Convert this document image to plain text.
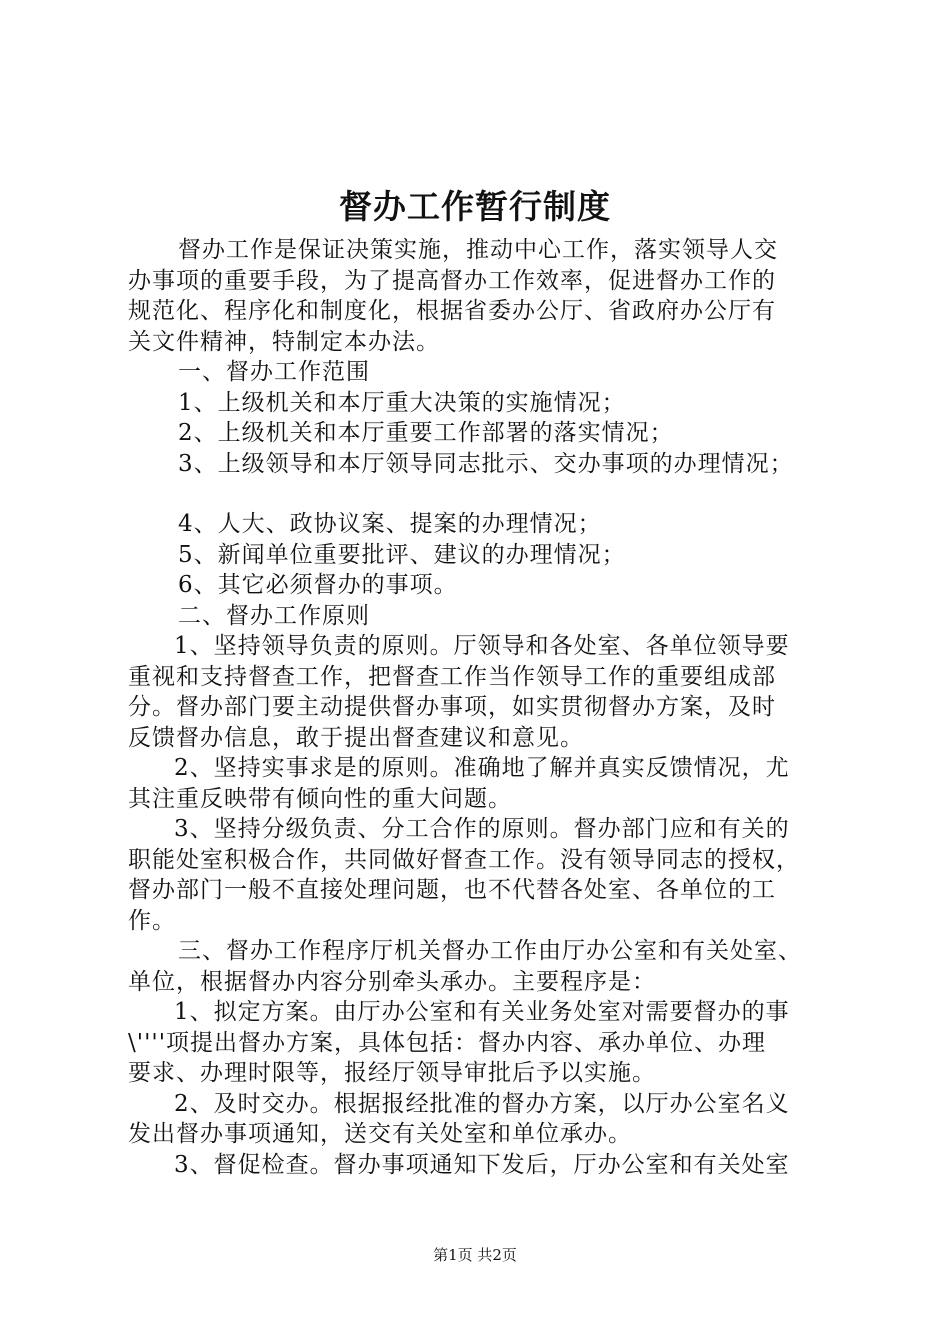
督办工作暂行制度

督办工作是保证决策实施，推动中心工作，落实领导人交

办事项的重要手段，为了提高督办工作效率，促进督办工作的

规范化、程序化和制度化，根据省委办公厅、省政府办公厅有

关文件精神，特制定本办法。

一、督办工作范围

1、上级机关和本厅重大决策的实施情况；

2、上级机关和本厅重要工作部署的落实情况；

3、上级领导和本厅领导同志批示、交办事项的办理情况；

4、人大、政协议案、提案的办理情况；

5、新闻单位重要批评、建议的办理情况；

6、其它必须督办的事项。

二、督办工作原则

1、坚持领导负责的原则。厅领导和各处室、各单位领导要

重视和支持督查工作，把督查工作当作领导工作的重要组成部

分。督办部门要主动提供督办事项，如实贯彻督办方案，及时

反馈督办信息，敢于提出督查建议和意见。

2、坚持实事求是的原则。准确地了解并真实反馈情况，尤

其注重反映带有倾向性的重大问题。

3、坚持分级负责、分工合作的原则。督办部门应和有关的

职能处室积极合作，共同做好督查工作。没有领导同志的授权，

督办部门一般不直接处理问题，也不代替各处室、各单位的工

作。

三、督办工作程序厅机关督办工作由厅办公室和有关处室、

单位，根据督办内容分别牵头承办。主要程序是：

1、拟定方案。由厅办公室和有关业务处室对需要督办的事

\''''项提出督办方案，具体包括：督办内容、承办单位、办理

要求、办理时限等，报经厅领导审批后予以实施。

2、及时交办。根据报经批准的督办方案，以厅办公室名义

发出督办事项通知，送交有关处室和单位承办。

3、督促检查。督办事项通知下发后，厅办公室和有关处室

第1页 共2页
